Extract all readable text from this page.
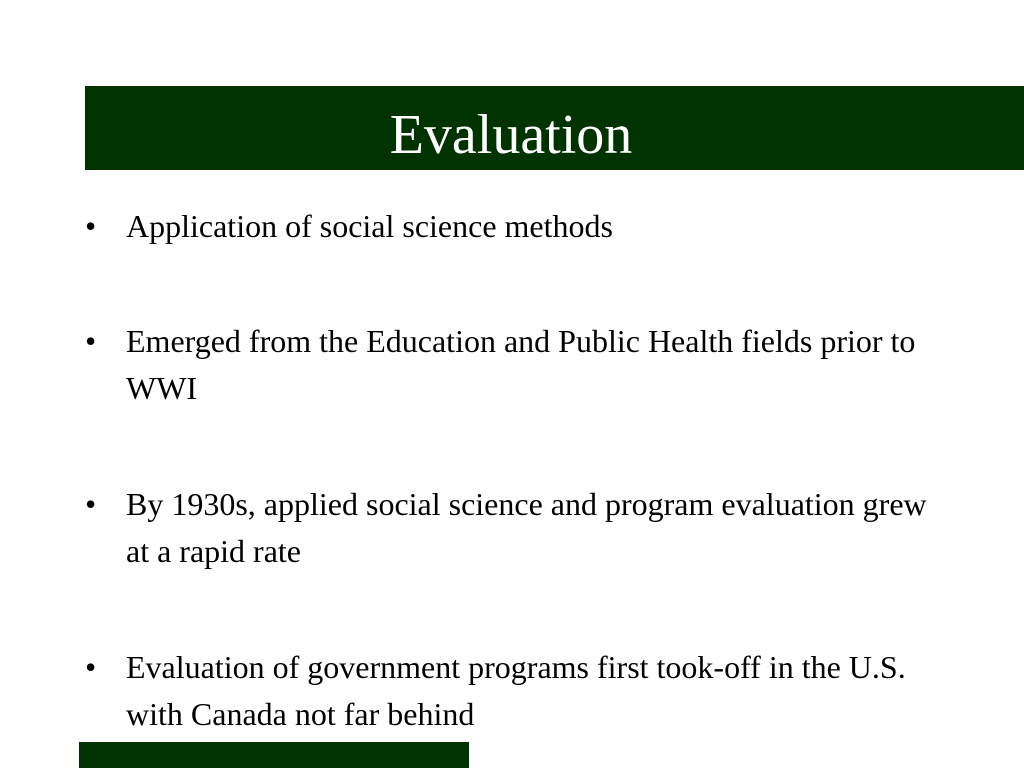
Evaluation
• Application of social science methods
• Emerged from the Education and Public Health fields prior to WWI
• By 1930s, applied social science and program evaluation grew at a rapid rate
• Evaluation of government programs first took-off in the U.S. with Canada not far behind
